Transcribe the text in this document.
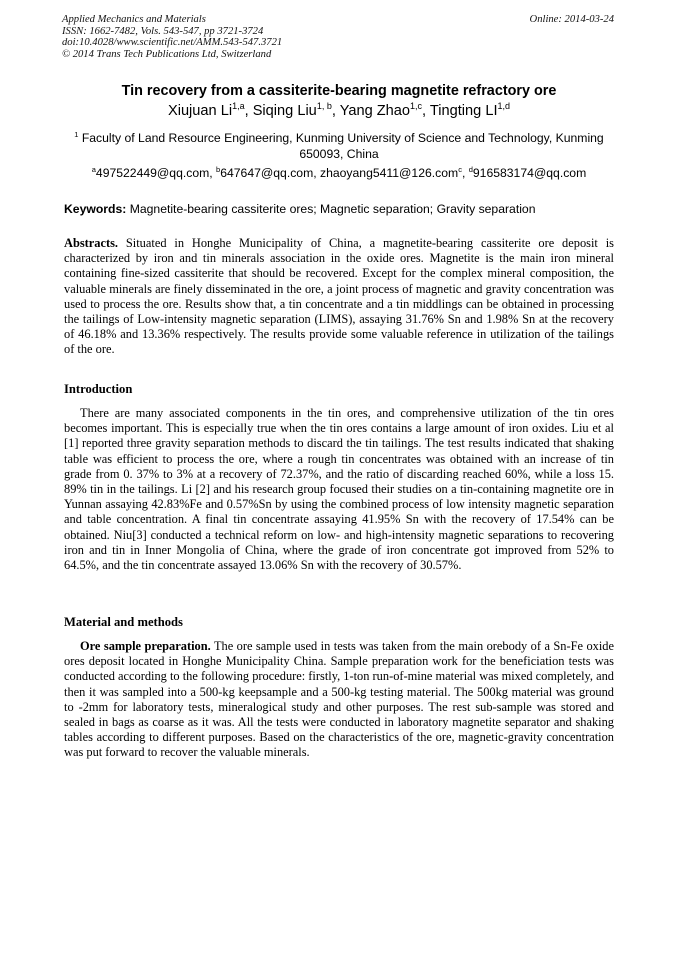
Applied Mechanics and Materials
ISSN: 1662-7482, Vols. 543-547, pp 3721-3724
doi:10.4028/www.scientific.net/AMM.543-547.3721
© 2014 Trans Tech Publications Ltd, Switzerland
Online: 2014-03-24
Tin recovery from a cassiterite-bearing magnetite refractory ore
Xiujuan Li$^{1,a}$, Siqing Liu$^{1, b}$, Yang Zhao$^{1,c}$, Tingting LI$^{1,d}$
$^1$ Faculty of Land Resource Engineering, Kunming University of Science and Technology, Kunming 650093, China
$^a$497522449@qq.com, $^b$647647@qq.com, zhaoyang5411@126.com$^c$, $^d$916583174@qq.com
Keywords: Magnetite-bearing cassiterite ores; Magnetic separation; Gravity separation
Abstracts. Situated in Honghe Municipality of China, a magnetite-bearing cassiterite ore deposit is characterized by iron and tin minerals association in the oxide ores. Magnetite is the main iron mineral containing fine-sized cassiterite that should be recovered. Except for the complex mineral composition, the valuable minerals are finely disseminated in the ore, a joint process of magnetic and gravity concentration was used to process the ore. Results show that, a tin concentrate and a tin middlings can be obtained in processing the tailings of Low-intensity magnetic separation (LIMS), assaying 31.76% Sn and 1.98% Sn at the recovery of 46.18% and 13.36% respectively. The results provide some valuable reference in utilization of the tailings of the ore.
Introduction
There are many associated components in the tin ores, and comprehensive utilization of the tin ores becomes important. This is especially true when the tin ores contains a large amount of iron oxides. Liu et al [1] reported three gravity separation methods to discard the tin tailings. The test results indicated that shaking table was efficient to process the ore, where a rough tin concentrates was obtained with an increase of tin grade from 0. 37% to 3% at a recovery of 72.37%, and the ratio of discarding reached 60%, while a loss 15. 89% tin in the tailings. Li [2] and his research group focused their studies on a tin-containing magnetite ore in Yunnan assaying 42.83%Fe and 0.57%Sn by using the combined process of low intensity magnetic separation and table concentration. A final tin concentrate assaying 41.95% Sn with the recovery of 17.54% can be obtained. Niu[3] conducted a technical reform on low- and high-intensity magnetic separations to recovering iron and tin in Inner Mongolia of China, where the grade of iron concentrate got improved from 52% to 64.5%, and the tin concentrate assayed 13.06% Sn with the recovery of 30.57%.
Material and methods
Ore sample preparation. The ore sample used in tests was taken from the main orebody of a Sn-Fe oxide ores deposit located in Honghe Municipality China. Sample preparation work for the beneficiation tests was conducted according to the following procedure: firstly, 1-ton run-of-mine material was mixed completely, and then it was sampled into a 500-kg keepsample and a 500-kg testing material. The 500kg material was ground to -2mm for laboratory tests, mineralogical study and other purposes. The rest sub-sample was stored and sealed in bags as coarse as it was. All the tests were conducted in laboratory magnetite separator and shaking tables according to different purposes. Based on the characteristics of the ore, magnetic-gravity concentration was put forward to recover the valuable minerals.
